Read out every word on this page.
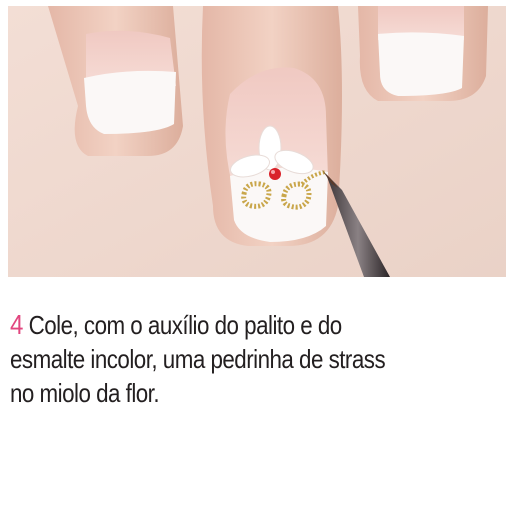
4 Cole, com o auxílio do palito e do
esmalte incolor, uma pedrinha de strass
no miolo da flor.
